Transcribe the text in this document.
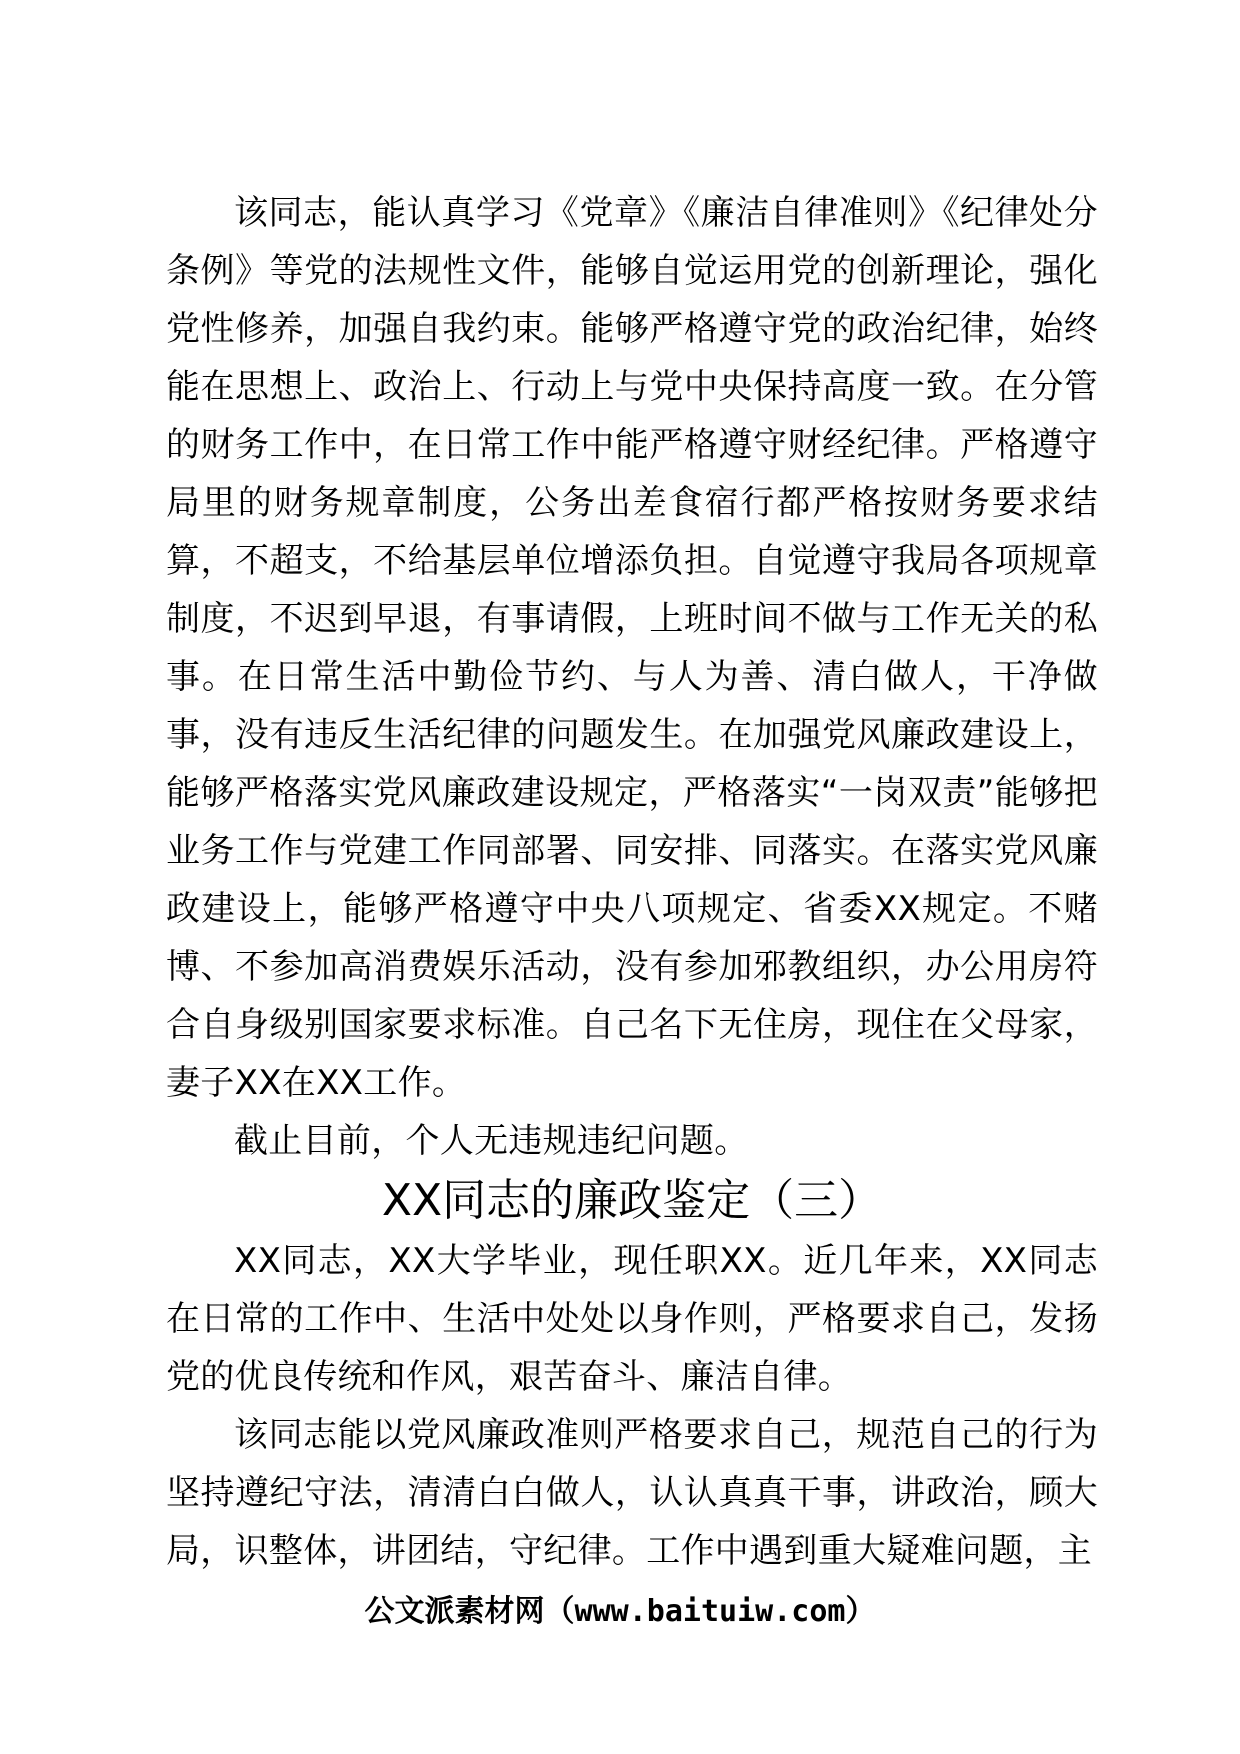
该同志，能认真学习《党章》《廉洁自律准则》《纪律处分条例》等党的法规性文件，能够自觉运用党的创新理论，强化党性修养，加强自我约束。能够严格遵守党的政治纪律，始终能在思想上、政治上、行动上与党中央保持高度一致。在分管的财务工作中，在日常工作中能严格遵守财经纪律。严格遵守局里的财务规章制度，公务出差食宿行都严格按财务要求结算，不超支，不给基层单位增添负担。自觉遵守我局各项规章制度，不迟到早退，有事请假，上班时间不做与工作无关的私事。在日常生活中勤俭节约、与人为善、清白做人，干净做事，没有违反生活纪律的问题发生。在加强党风廉政建设上，能够严格落实党风廉政建设规定，严格落实“一岗双责”能够把业务工作与党建工作同部署、同安排、同落实。在落实党风廉政建设上，能够严格遵守中央八项规定、省委XX规定。不赌博、不参加高消费娱乐活动，没有参加邪教组织，办公用房符合自身级别国家要求标准。自己名下无住房，现住在父母家，妻子XX在XX工作。

截止目前，个人无违规违纪问题。

XX同志的廉政鉴定（三）

XX同志，XX大学毕业，现任职XX。近几年来，XX同志在日常的工作中、生活中处处以身作则，严格要求自己，发扬党的优良传统和作风，艰苦奋斗、廉洁自律。

该同志能以党风廉政准则严格要求自己，规范自己的行为坚持遵纪守法，清清白白做人，认认真真干事，讲政治，顾大局，识整体，讲团结，守纪律。工作中遇到重大疑难问题，主

公文派素材网（www.baituiw.com）
